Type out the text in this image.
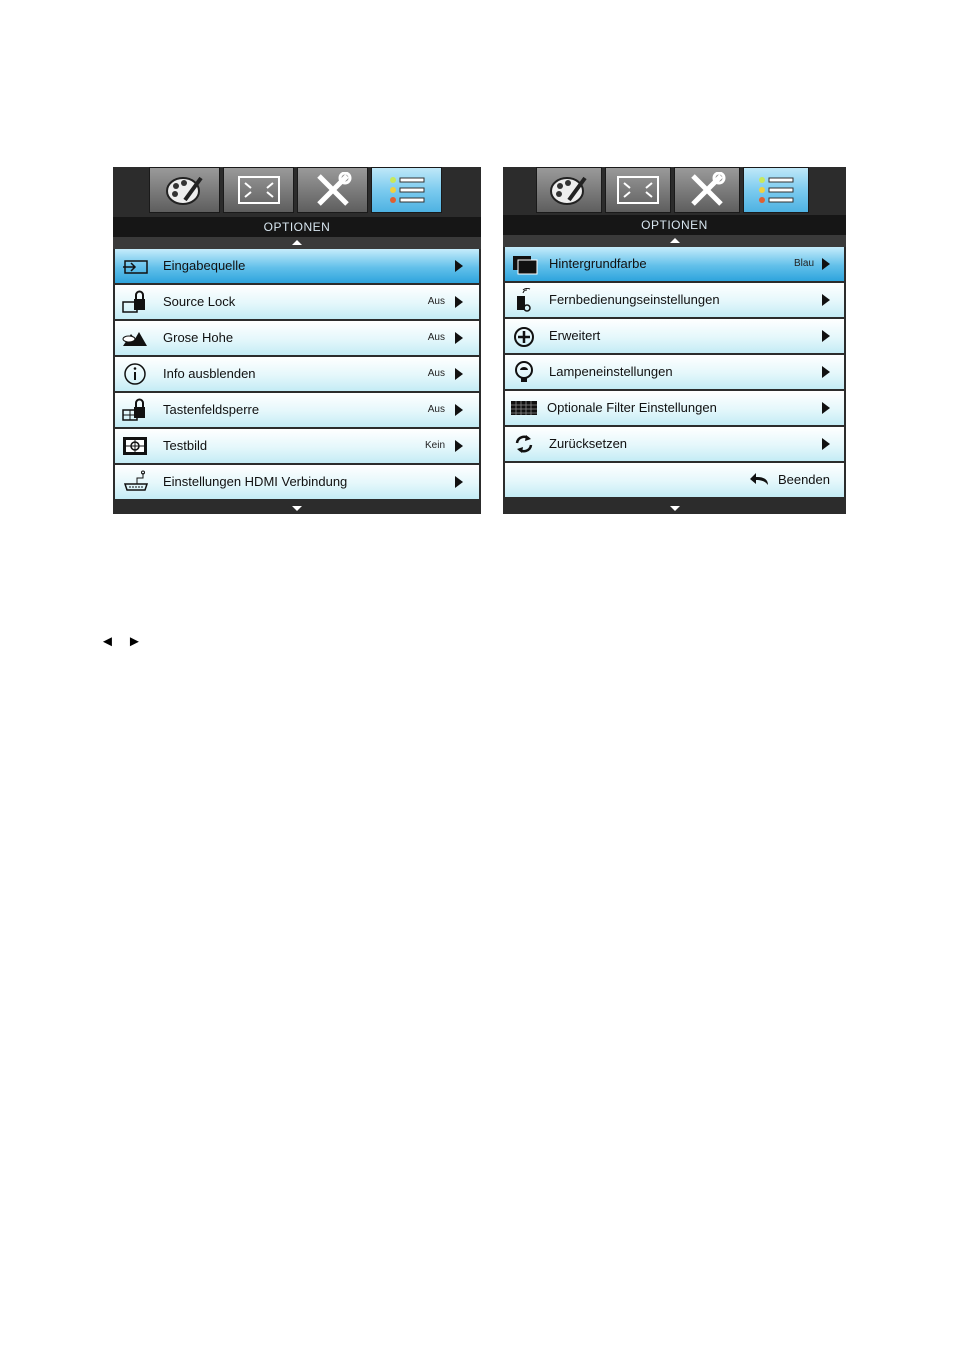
OPTIONEN
Eingabequelle
Source Lock	Aus
Grose Hohe	Aus
Info ausblenden	Aus
Tastenfeldsperre	Aus
Testbild	Kein
Einstellungen HDMI Verbindung
OPTIONEN
Hintergrundfarbe	Blau
Fernbedienungseinstellungen
Erweitert
Lampeneinstellungen
Optionale Filter Einstellungen
Zurücksetzen
Beenden
◄ ►
